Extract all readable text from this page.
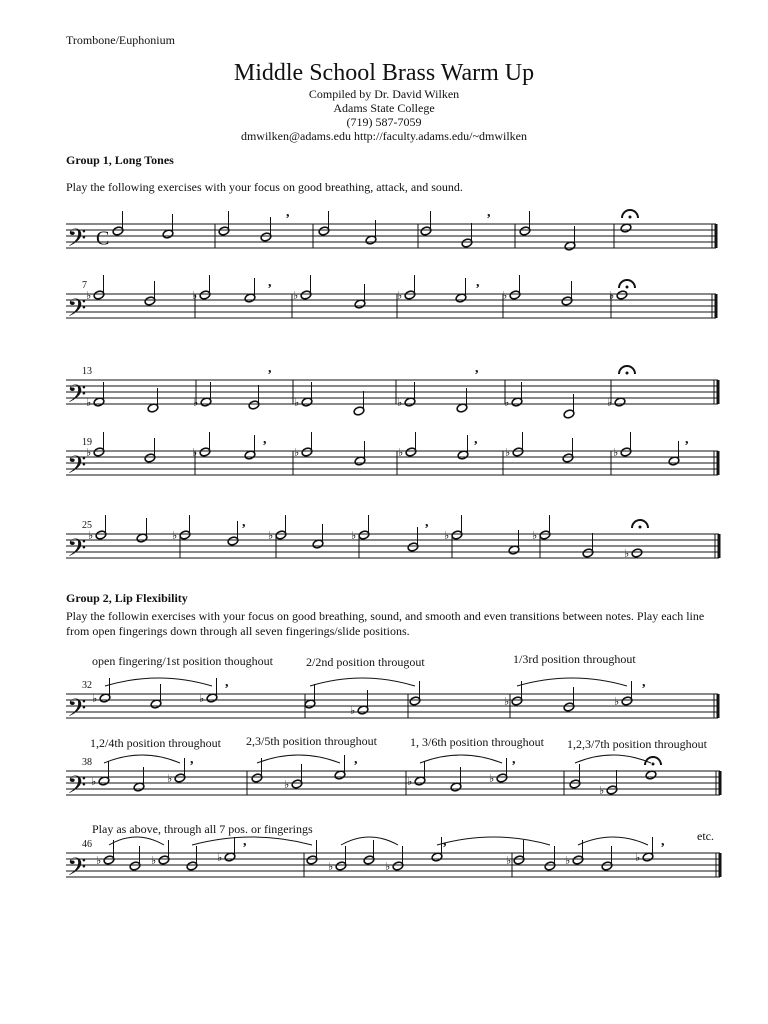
Trombone/Euphonium
Middle School Brass Warm Up
Compiled by Dr. David Wilken
Adams State College
(719) 587-7059
dmwilken@adams.edu http://faculty.adams.edu/~dmwilken
Group 1, Long Tones
Play the following exercises with your focus on good breathing, attack, and sound.
Group 2, Lip Flexibility
Play the followin exercises with your focus on good breathing, sound, and smooth and even transitions between notes. Play each line from open fingerings down through all seven fingerings/slide positions.
open fingering/1st position thoughout	2/2nd position througout	1/3rd position throughout
1,2/4th position throughout 2,3/5th position throughout	1, 3/6th position throughout 1,2,3/7th position throughout
Play as above, through all 7 pos. or fingerings	etc.
𝄢 C
,	,
𝄢 ♭	♭	♭	♭	♭	♭
,	,
𝄢 ♭	♭	♭	♭	♭	♭
,	,
𝄢 ♭	♭	♭	♭	♭	♭
,	,	,
𝄢 ♭	♭	♭	♭	♭	♭
♭
,	,
𝄢 ♭	♭
♭
♭	♭
,	,
𝄢 ♭	♭	♭	♭	♭
♭
,	,	,
𝄢 ♭	♭	♭
♭	♭	♭	♭	♭
,	,	,
7
13
19
25
32
38
46
